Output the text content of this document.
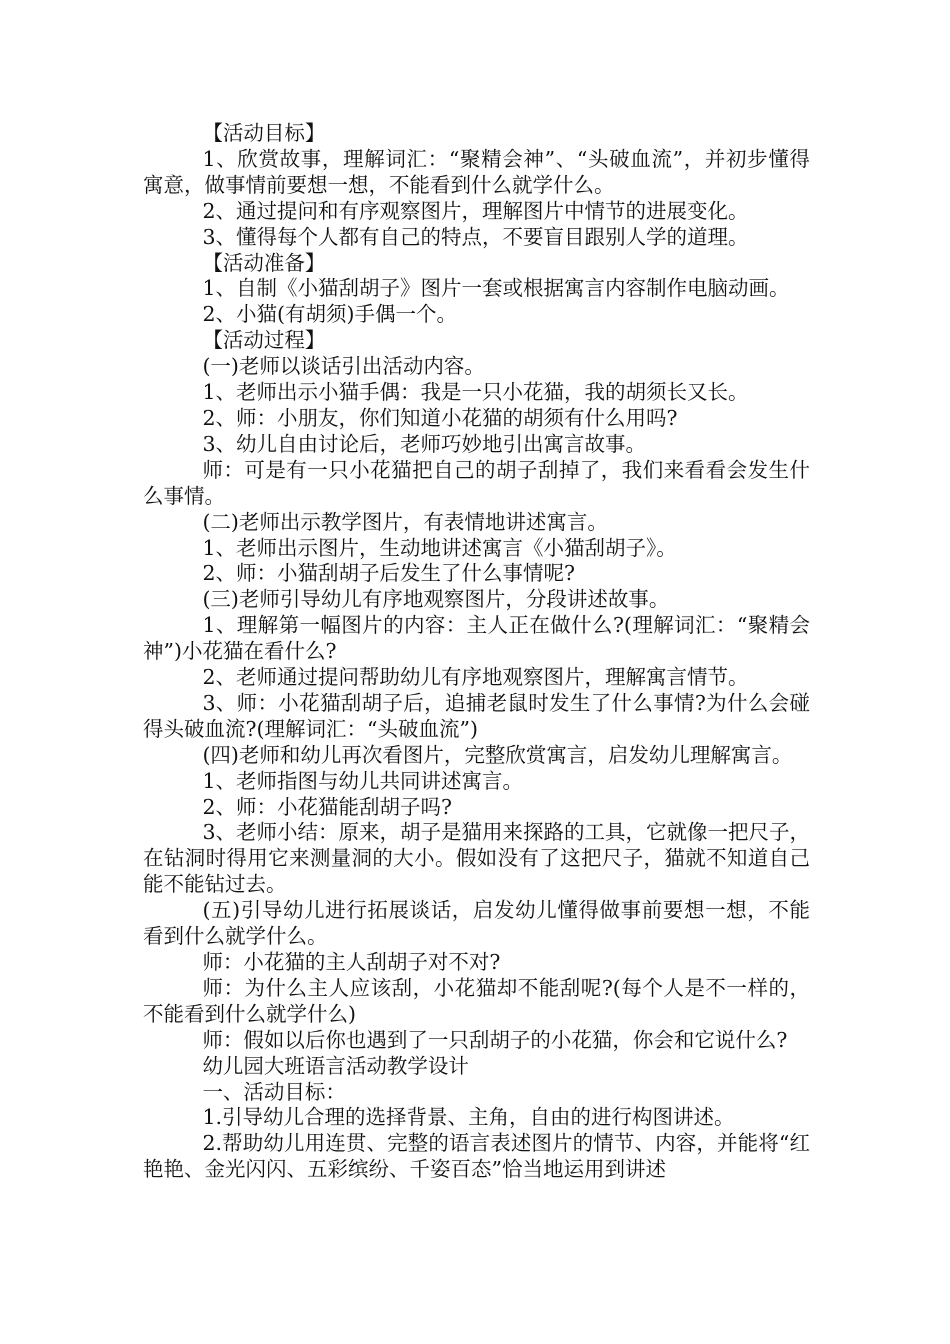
【活动目标】

1、欣赏故事，理解词汇：“聚精会神”、“头破血流”，并初步懂得寓意，做事情前要想一想，不能看到什么就学什么。

2、通过提问和有序观察图片，理解图片中情节的进展变化。

3、懂得每个人都有自己的特点，不要盲目跟别人学的道理。

【活动准备】

1、自制《小猫刮胡子》图片一套或根据寓言内容制作电脑动画。

2、小猫(有胡须)手偶一个。

【活动过程】

(一)老师以谈话引出活动内容。

1、老师出示小猫手偶：我是一只小花猫，我的胡须长又长。

2、师：小朋友，你们知道小花猫的胡须有什么用吗?

3、幼儿自由讨论后，老师巧妙地引出寓言故事。

师：可是有一只小花猫把自己的胡子刮掉了，我们来看看会发生什么事情。

(二)老师出示教学图片，有表情地讲述寓言。

1、老师出示图片，生动地讲述寓言《小猫刮胡子》。

2、师：小猫刮胡子后发生了什么事情呢?

(三)老师引导幼儿有序地观察图片，分段讲述故事。

1、理解第一幅图片的内容：主人正在做什么?(理解词汇：“聚精会神”)小花猫在看什么?

2、老师通过提问帮助幼儿有序地观察图片，理解寓言情节。

3、师：小花猫刮胡子后，追捕老鼠时发生了什么事情?为什么会碰得头破血流?(理解词汇：“头破血流”)

(四)老师和幼儿再次看图片，完整欣赏寓言，启发幼儿理解寓言。

1、老师指图与幼儿共同讲述寓言。

2、师：小花猫能刮胡子吗?

3、老师小结：原来，胡子是猫用来探路的工具，它就像一把尺子，在钻洞时得用它来测量洞的大小。假如没有了这把尺子，猫就不知道自己能不能钻过去。

(五)引导幼儿进行拓展谈话，启发幼儿懂得做事前要想一想，不能看到什么就学什么。

师：小花猫的主人刮胡子对不对?

师：为什么主人应该刮，小花猫却不能刮呢?(每个人是不一样的，不能看到什么就学什么)

师：假如以后你也遇到了一只刮胡子的小花猫，你会和它说什么?

幼儿园大班语言活动教学设计

一、活动目标：

1.引导幼儿合理的选择背景、主角，自由的进行构图讲述。

2.帮助幼儿用连贯、完整的语言表述图片的情节、内容，并能将“红艳艳、金光闪闪、五彩缤纷、千姿百态”恰当地运用到讲述
